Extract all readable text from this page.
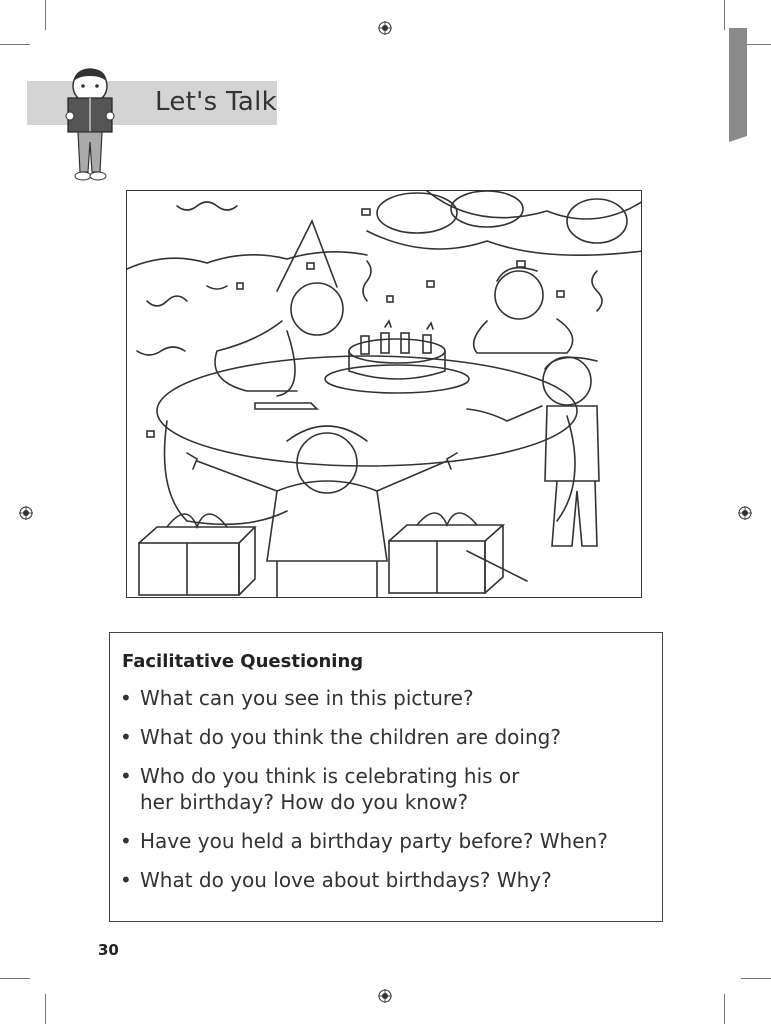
Let's Talk
Facilitative Questioning
• What can you see in this picture?
• What do you think the children are doing?
• Who do you think is celebrating his or her birthday? How do you know?
• Have you held a birthday party before? When?
• What do you love about birthdays? Why?
30
